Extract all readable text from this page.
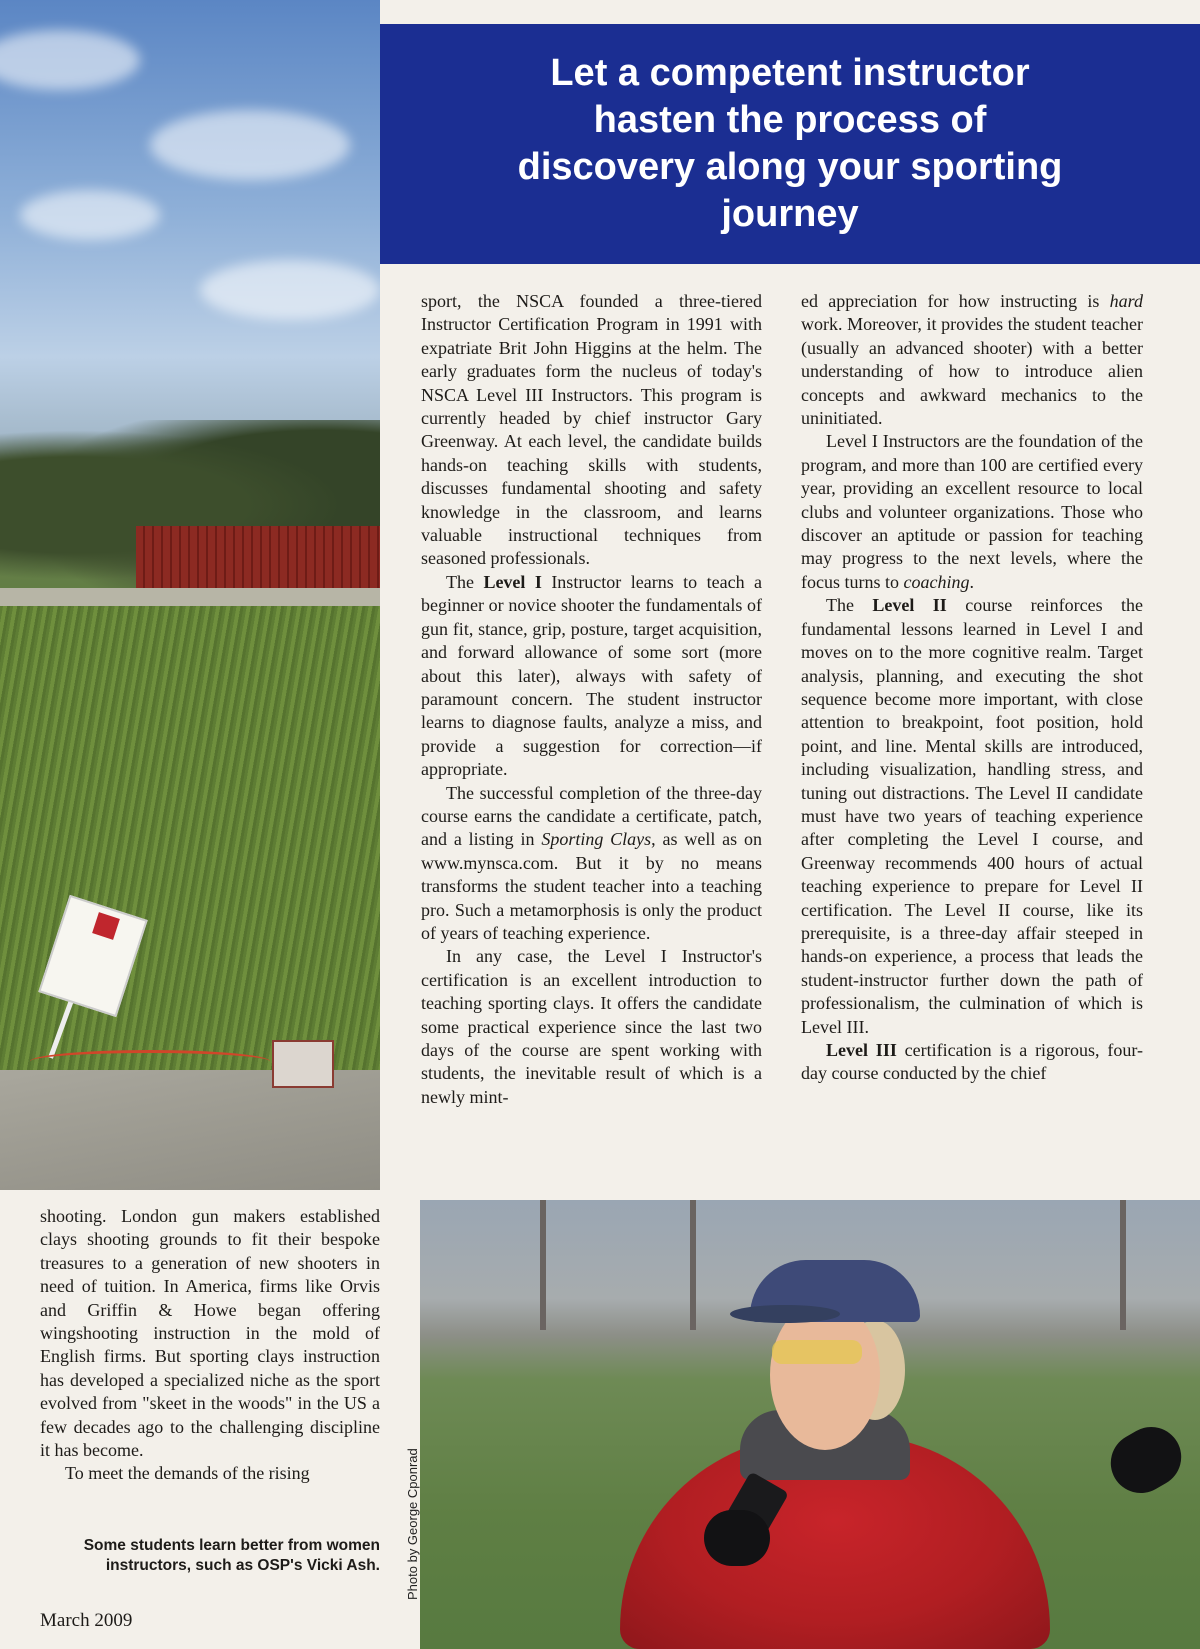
Let a competent instructor hasten the process of discovery along your sporting journey

sport, the NSCA founded a three-tiered Instructor Certification Program in 1991 with expatriate Brit John Higgins at the helm. The early graduates form the nucleus of today's NSCA Level III Instructors. This program is currently headed by chief instructor Gary Greenway. At each level, the candidate builds hands-on teaching skills with students, discusses fundamental shooting and safety knowledge in the classroom, and learns valuable instructional techniques from seasoned professionals.

The Level I Instructor learns to teach a beginner or novice shooter the fundamentals of gun fit, stance, grip, posture, target acquisition, and forward allowance of some sort (more about this later), always with safety of paramount concern. The student instructor learns to diagnose faults, analyze a miss, and provide a suggestion for correction—if appropriate.

The successful completion of the three-day course earns the candidate a certificate, patch, and a listing in Sporting Clays, as well as on www.mynsca.com. But it by no means transforms the student teacher into a teaching pro. Such a metamorphosis is only the product of years of teaching experience.

In any case, the Level I Instructor's certification is an excellent introduction to teaching sporting clays. It offers the candidate some practical experience since the last two days of the course are spent working with students, the inevitable result of which is a newly mint-

ed appreciation for how instructing is hard work. Moreover, it provides the student teacher (usually an advanced shooter) with a better understanding of how to introduce alien concepts and awkward mechanics to the uninitiated.

Level I Instructors are the foundation of the program, and more than 100 are certified every year, providing an excellent resource to local clubs and volunteer organizations. Those who discover an aptitude or passion for teaching may progress to the next levels, where the focus turns to coaching.

The Level II course reinforces the fundamental lessons learned in Level I and moves on to the more cognitive realm. Target analysis, planning, and executing the shot sequence become more important, with close attention to breakpoint, foot position, hold point, and line. Mental skills are introduced, including visualization, handling stress, and tuning out distractions. The Level II candidate must have two years of teaching experience after completing the Level I course, and Greenway recommends 400 hours of actual teaching experience to prepare for Level II certification. The Level II course, like its prerequisite, is a three-day affair steeped in hands-on experience, a process that leads the student-instructor further down the path of professionalism, the culmination of which is Level III.

Level III certification is a rigorous, four-day course conducted by the chief

shooting. London gun makers established clays shooting grounds to fit their bespoke treasures to a generation of new shooters in need of tuition. In America, firms like Orvis and Griffin & Howe began offering wingshooting instruction in the mold of English firms. But sporting clays instruction has developed a specialized niche as the sport evolved from "skeet in the woods" in the US a few decades ago to the challenging discipline it has become.

To meet the demands of the rising

Some students learn better from women instructors, such as OSP's Vicki Ash. Photo by George Cponrad
March 2009
